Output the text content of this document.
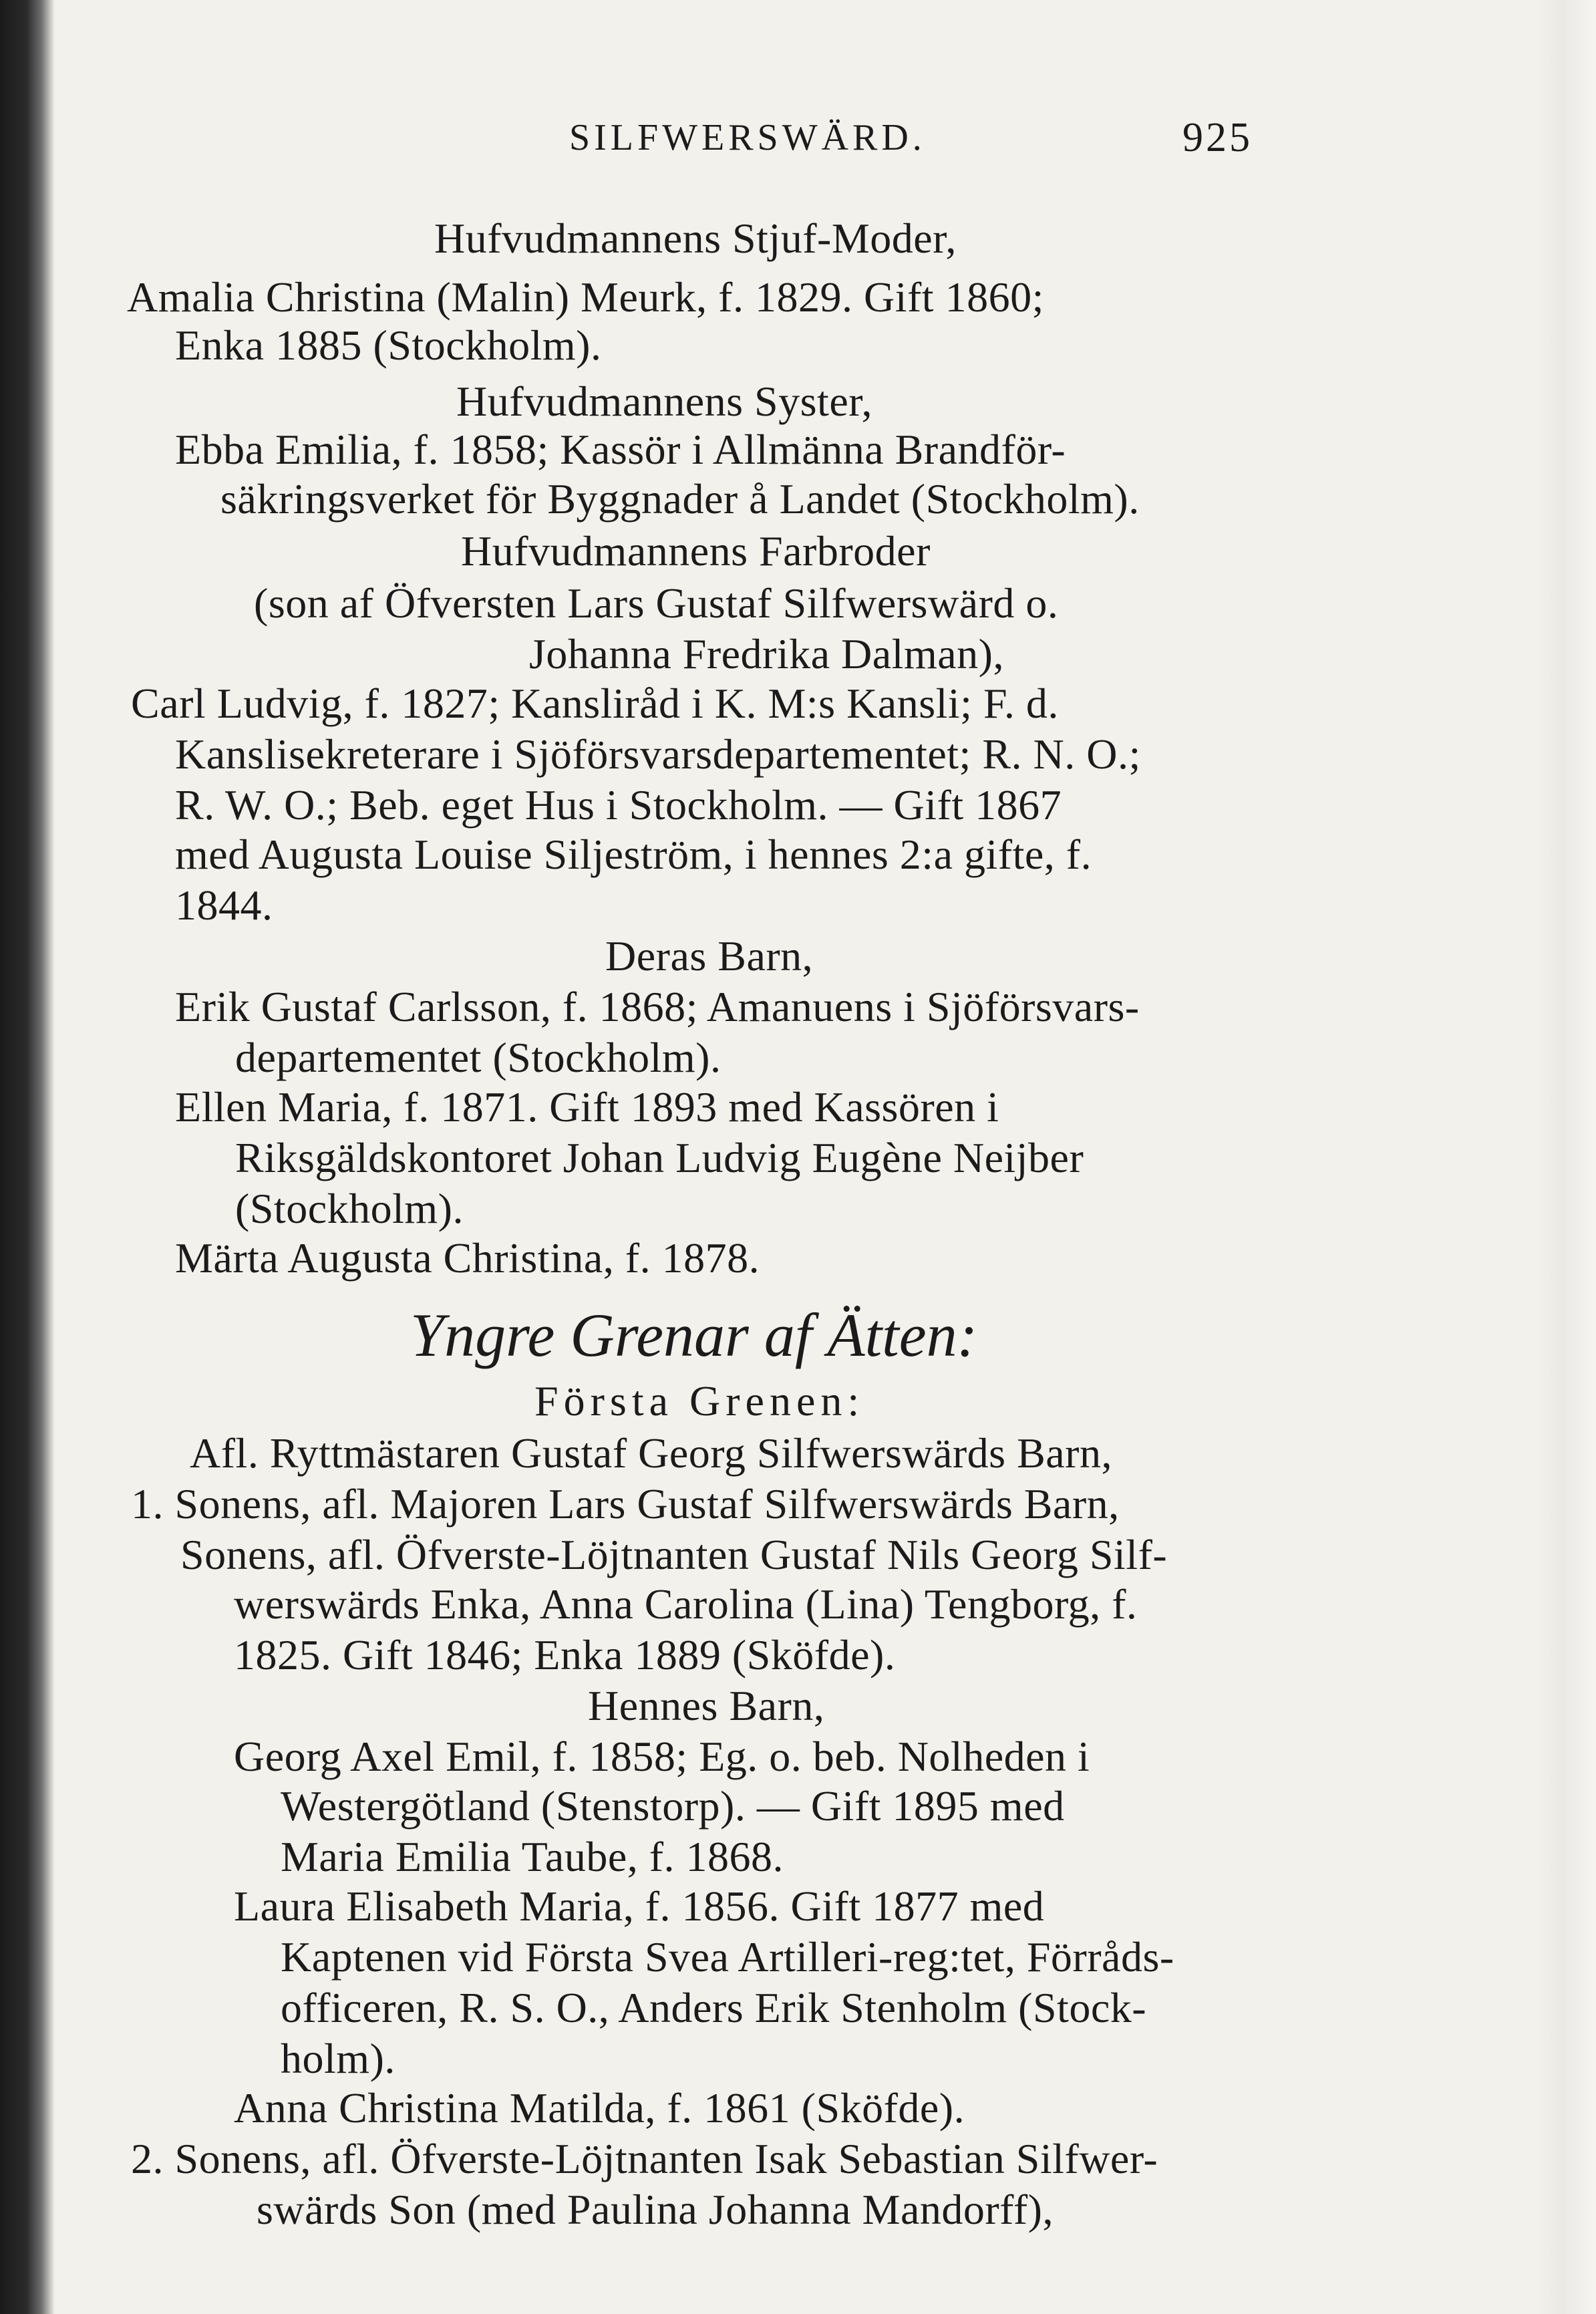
SILFWERSWÄRD.	925
Hufvudmannens Stjuf-Moder,
Amalia Christina (Malin) Meurk, f. 1829. Gift 1860;
Enka 1885 (Stockholm).
Hufvudmannens Syster,
Ebba Emilia, f. 1858; Kassör i Allmänna Brandför-
säkringsverket för Byggnader å Landet (Stockholm).
Hufvudmannens Farbroder
(son af Öfversten Lars Gustaf Silfwerswärd o.
Johanna Fredrika Dalman),
Carl Ludvig, f. 1827; Kansliråd i K. M:s Kansli; F. d.
Kanslisekreterare i Sjöförsvarsdepartementet; R. N. O.;
R. W. O.; Beb. eget Hus i Stockholm. — Gift 1867
med Augusta Louise Siljeström, i hennes 2:a gifte, f.
1844.
Deras Barn,
Erik Gustaf Carlsson, f. 1868; Amanuens i Sjöförsvars-
departementet (Stockholm).
Ellen Maria, f. 1871. Gift 1893 med Kassören i
Riksgäldskontoret Johan Ludvig Eugène Neijber
(Stockholm).
Märta Augusta Christina, f. 1878.
Yngre Grenar af Ätten:
Första Grenen:
Afl. Ryttmästaren Gustaf Georg Silfwerswärds Barn,
1. Sonens, afl. Majoren Lars Gustaf Silfwerswärds Barn,
Sonens, afl. Öfverste-Löjtnanten Gustaf Nils Georg Silf-
werswärds Enka, Anna Carolina (Lina) Tengborg, f.
1825. Gift 1846; Enka 1889 (Sköfde).
Hennes Barn,
Georg Axel Emil, f. 1858; Eg. o. beb. Nolheden i
Westergötland (Stenstorp). — Gift 1895 med
Maria Emilia Taube, f. 1868.
Laura Elisabeth Maria, f. 1856. Gift 1877 med
Kaptenen vid Första Svea Artilleri-reg:tet, Förråds-
officeren, R. S. O., Anders Erik Stenholm (Stock-
holm).
Anna Christina Matilda, f. 1861 (Sköfde).
2. Sonens, afl. Öfverste-Löjtnanten Isak Sebastian Silfwer-
swärds Son (med Paulina Johanna Mandorff),
